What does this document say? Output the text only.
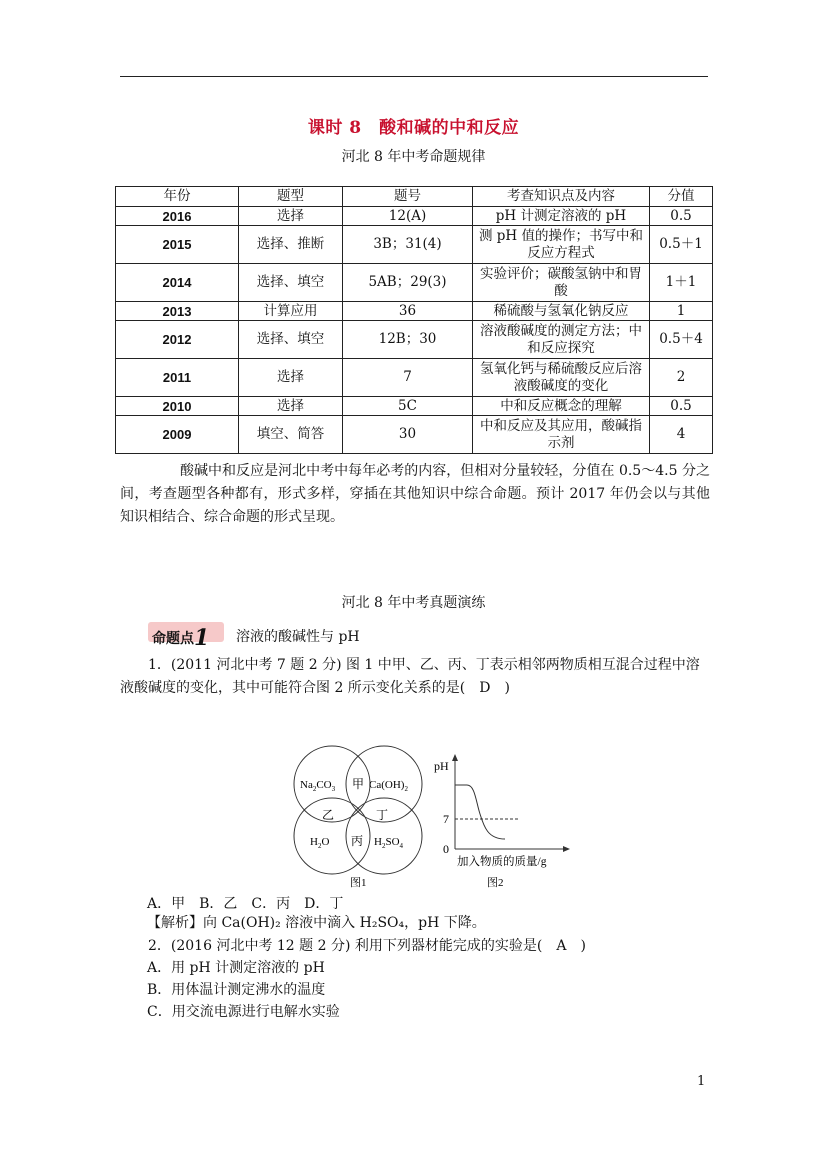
课时 8　酸和碱的中和反应
河北 8 年中考命题规律
年份	题型	题号	考查知识点及内容	分值
2016	选择	12(A)	pH 计测定溶液的 pH	0.5
2015	选择、推断	3B；31(4)	测 pH 值的操作；书写中和反应方程式	0.5＋1
2014	选择、填空	5AB；29(3)	实验评价；碳酸氢钠中和胃酸	1＋1
2013	计算应用	36	稀硫酸与氢氧化钠反应	1
2012	选择、填空	12B；30	溶液酸碱度的测定方法；中和反应探究	0.5＋4
2011	选择	7	氢氧化钙与稀硫酸反应后溶液酸碱度的变化	2
2010	选择	5C	中和反应概念的理解	0.5
2009	填空、简答	30	中和反应及其应用，酸碱指示剂	4
酸碱中和反应是河北中考中每年必考的内容，但相对分量较轻，分值在 0.5～4.5 分之间，考查题型各种都有，形式多样，穿插在其他知识中综合命题。预计 2017 年仍会以与其他知识相结合、综合命题的形式呈现。
河北 8 年中考真题演练
命题点1 溶液的酸碱性与 pH
1．(2011 河北中考 7 题 2 分) 图 1 中甲、乙、丙、丁表示相邻两物质相互混合过程中溶液酸碱度的变化，其中可能符合图 2 所示变化关系的是(　D　)
$Na_2CO_3$ 甲 $Ca(OH)_2$
乙	丁
$H_2O$ 丙 $H_2SO_4$
图1
pH
7
0
加入物质的质量/g
图2
A．甲　B．乙　C．丙　D．丁
【解析】向 Ca(OH)₂ 溶液中滴入 H₂SO₄，pH 下降。
2．(2016 河北中考 12 题 2 分) 利用下列器材能完成的实验是(　A　)
A．用 pH 计测定溶液的 pH
B．用体温计测定沸水的温度
C．用交流电源进行电解水实验
1
